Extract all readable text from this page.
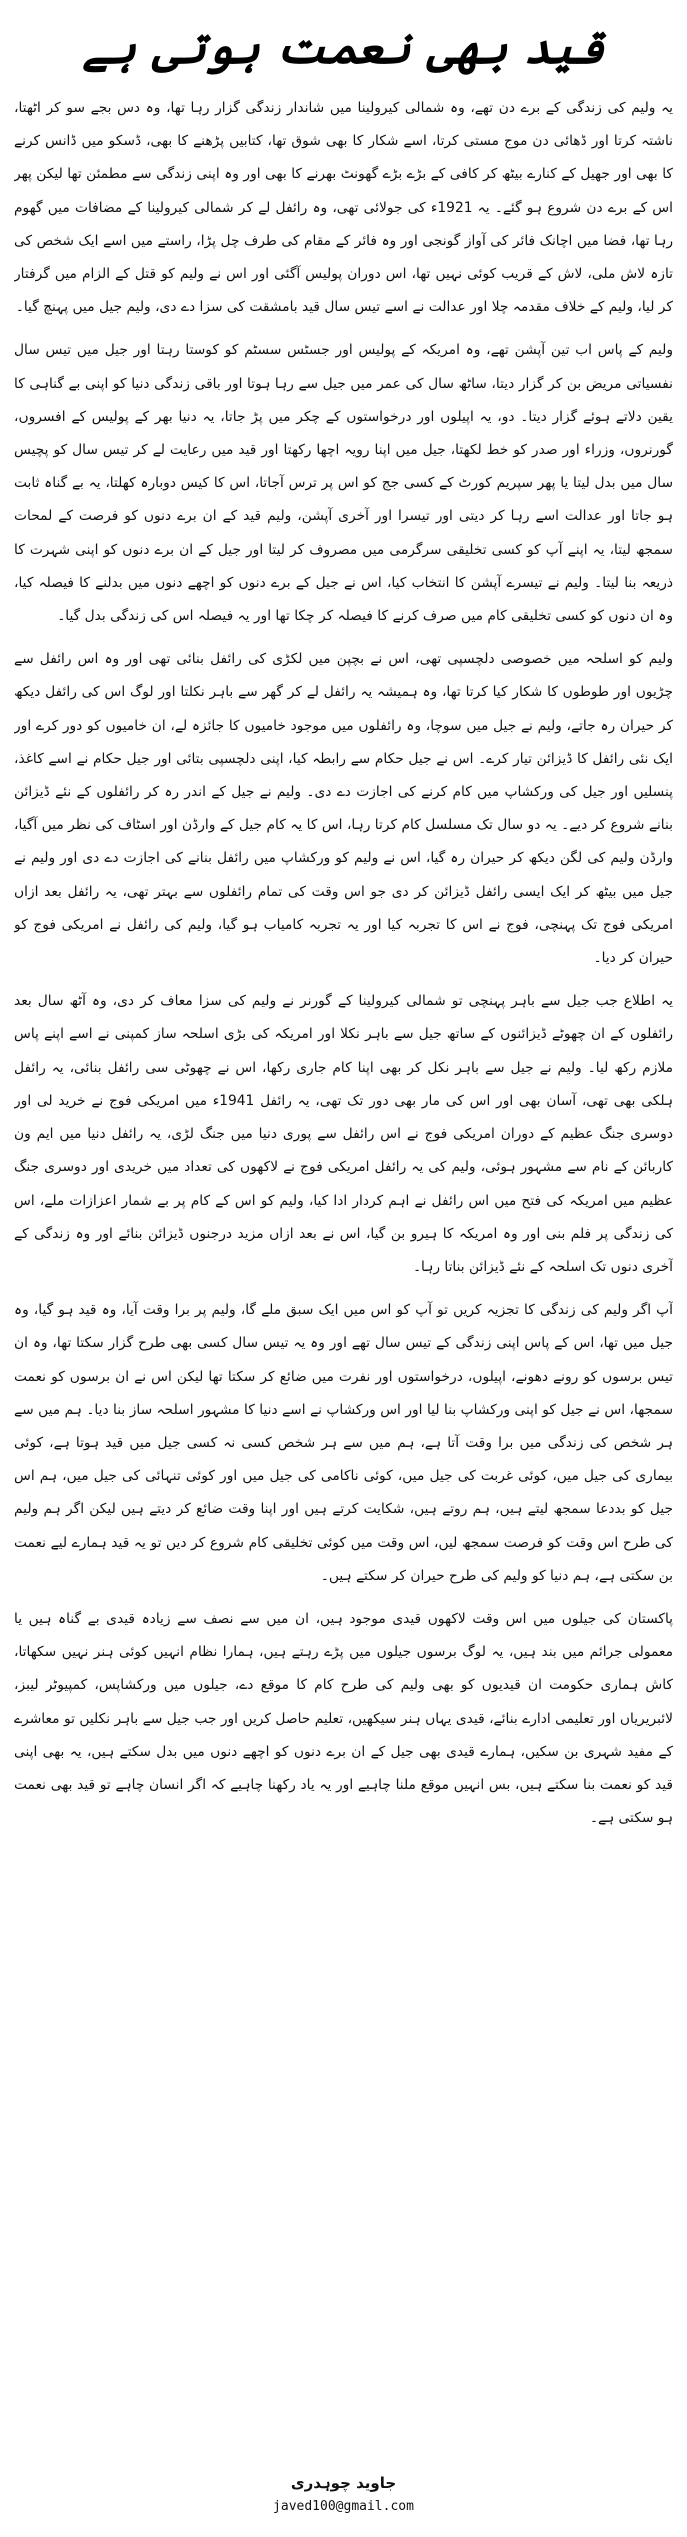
قید بھی نعمت ہوتی ہے

یہ ولیم کی زندگی کے برے دن تھے، وہ شمالی کیرولینا میں شاندار زندگی گزار رہا تھا، وہ دس بجے سو کر اٹھتا، ناشتہ کرتا اور ڈھائی دن موج مستی کرتا، اسے شکار کا بھی شوق تھا، کتابیں پڑھنے کا بھی، ڈسکو میں ڈانس کرنے کا بھی اور جھیل کے کنارے بیٹھ کر کافی کے بڑے بڑے گھونٹ بھرنے کا بھی اور وہ اپنی زندگی سے مطمئن تھا لیکن پھر اس کے برے دن شروع ہو گئے۔ یہ 1921ء کی جولائی تھی، وہ رائفل لے کر شمالی کیرولینا کے مضافات میں گھوم رہا تھا، فضا میں اچانک فائر کی آواز گونجی اور وہ فائر کے مقام کی طرف چل پڑا، راستے میں اسے ایک شخص کی تازہ لاش ملی، لاش کے قریب کوئی نہیں تھا، اس دوران پولیس آگئی اور اس نے ولیم کو قتل کے الزام میں گرفتار کر لیا، ولیم کے خلاف مقدمہ چلا اور عدالت نے اسے تیس سال قید بامشقت کی سزا دے دی، ولیم جیل میں پہنچ گیا۔

ولیم کے پاس اب تین آپشن تھے، وہ امریکہ کے پولیس اور جسٹس سسٹم کو کوستا رہتا اور جیل میں تیس سال نفسیاتی مریض بن کر گزار دیتا، ساٹھ سال کی عمر میں جیل سے رہا ہوتا اور باقی زندگی دنیا کو اپنی بے گناہی کا یقین دلاتے ہوئے گزار دیتا۔ دو، یہ اپیلوں اور درخواستوں کے چکر میں پڑ جاتا، یہ دنیا بھر کے پولیس کے افسروں، گورنروں، وزراء اور صدر کو خط لکھتا، جیل میں اپنا رویہ اچھا رکھتا اور قید میں رعایت لے کر تیس سال کو پچیس سال میں بدل لیتا یا پھر سپریم کورٹ کے کسی جج کو اس پر ترس آجاتا، اس کا کیس دوبارہ کھلتا، یہ بے گناہ ثابت ہو جاتا اور عدالت اسے رہا کر دیتی اور تیسرا اور آخری آپشن، ولیم قید کے ان برے دنوں کو فرصت کے لمحات سمجھ لیتا، یہ اپنے آپ کو کسی تخلیقی سرگرمی میں مصروف کر لیتا اور جیل کے ان برے دنوں کو اپنی شہرت کا ذریعہ بنا لیتا۔ ولیم نے تیسرے آپشن کا انتخاب کیا، اس نے جیل کے برے دنوں کو اچھے دنوں میں بدلنے کا فیصلہ کیا، وہ ان دنوں کو کسی تخلیقی کام میں صرف کرنے کا فیصلہ کر چکا تھا اور یہ فیصلہ اس کی زندگی بدل گیا۔

ولیم کو اسلحہ میں خصوصی دلچسپی تھی، اس نے بچپن میں لکڑی کی رائفل بنائی تھی اور وہ اس رائفل سے چڑیوں اور طوطوں کا شکار کیا کرتا تھا، وہ ہمیشہ یہ رائفل لے کر گھر سے باہر نکلتا اور لوگ اس کی رائفل دیکھ کر حیران رہ جاتے، ولیم نے جیل میں سوچا، وہ رائفلوں میں موجود خامیوں کا جائزہ لے، ان خامیوں کو دور کرے اور ایک نئی رائفل کا ڈیزائن تیار کرے۔ اس نے جیل حکام سے رابطہ کیا، اپنی دلچسپی بتائی اور جیل حکام نے اسے کاغذ، پنسلیں اور جیل کی ورکشاپ میں کام کرنے کی اجازت دے دی۔ ولیم نے جیل کے اندر رہ کر رائفلوں کے نئے ڈیزائن بنانے شروع کر دیے۔ یہ دو سال تک مسلسل کام کرتا رہا، اس کا یہ کام جیل کے وارڈن اور اسٹاف کی نظر میں آگیا، وارڈن ولیم کی لگن دیکھ کر حیران رہ گیا، اس نے ولیم کو ورکشاپ میں رائفل بنانے کی اجازت دے دی اور ولیم نے جیل میں بیٹھ کر ایک ایسی رائفل ڈیزائن کر دی جو اس وقت کی تمام رائفلوں سے بہتر تھی، یہ رائفل بعد ازاں امریکی فوج تک پہنچی، فوج نے اس کا تجربہ کیا اور یہ تجربہ کامیاب ہو گیا، ولیم کی رائفل نے امریکی فوج کو حیران کر دیا۔

یہ اطلاع جب جیل سے باہر پہنچی تو شمالی کیرولینا کے گورنر نے ولیم کی سزا معاف کر دی، وہ آٹھ سال بعد رائفلوں کے ان چھوٹے ڈیزائنوں کے ساتھ جیل سے باہر نکلا اور امریکہ کی بڑی اسلحہ ساز کمپنی نے اسے اپنے پاس ملازم رکھ لیا۔ ولیم نے جیل سے باہر نکل کر بھی اپنا کام جاری رکھا، اس نے چھوٹی سی رائفل بنائی، یہ رائفل ہلکی بھی تھی، آسان بھی اور اس کی مار بھی دور تک تھی، یہ رائفل 1941ء میں امریکی فوج نے خرید لی اور دوسری جنگ عظیم کے دوران امریکی فوج نے اس رائفل سے پوری دنیا میں جنگ لڑی، یہ رائفل دنیا میں ایم ون کاربائن کے نام سے مشہور ہوئی، ولیم کی یہ رائفل امریکی فوج نے لاکھوں کی تعداد میں خریدی اور دوسری جنگ عظیم میں امریکہ کی فتح میں اس رائفل نے اہم کردار ادا کیا، ولیم کو اس کے کام پر بے شمار اعزازات ملے، اس کی زندگی پر فلم بنی اور وہ امریکہ کا ہیرو بن گیا، اس نے بعد ازاں مزید درجنوں ڈیزائن بنائے اور وہ زندگی کے آخری دنوں تک اسلحہ کے نئے ڈیزائن بناتا رہا۔

آپ اگر ولیم کی زندگی کا تجزیہ کریں تو آپ کو اس میں ایک سبق ملے گا، ولیم پر برا وقت آیا، وہ قید ہو گیا، وہ جیل میں تھا، اس کے پاس اپنی زندگی کے تیس سال تھے اور وہ یہ تیس سال کسی بھی طرح گزار سکتا تھا، وہ ان تیس برسوں کو رونے دھونے، اپیلوں، درخواستوں اور نفرت میں ضائع کر سکتا تھا لیکن اس نے ان برسوں کو نعمت سمجھا، اس نے جیل کو اپنی ورکشاپ بنا لیا اور اس ورکشاپ نے اسے دنیا کا مشہور اسلحہ ساز بنا دیا۔ ہم میں سے ہر شخص کی زندگی میں برا وقت آتا ہے، ہم میں سے ہر شخص کسی نہ کسی جیل میں قید ہوتا ہے، کوئی بیماری کی جیل میں، کوئی غربت کی جیل میں، کوئی ناکامی کی جیل میں اور کوئی تنہائی کی جیل میں، ہم اس جیل کو بددعا سمجھ لیتے ہیں، ہم روتے ہیں، شکایت کرتے ہیں اور اپنا وقت ضائع کر دیتے ہیں لیکن اگر ہم ولیم کی طرح اس وقت کو فرصت سمجھ لیں، اس وقت میں کوئی تخلیقی کام شروع کر دیں تو یہ قید ہمارے لیے نعمت بن سکتی ہے، ہم دنیا کو ولیم کی طرح حیران کر سکتے ہیں۔

پاکستان کی جیلوں میں اس وقت لاکھوں قیدی موجود ہیں، ان میں سے نصف سے زیادہ قیدی بے گناہ ہیں یا معمولی جرائم میں بند ہیں، یہ لوگ برسوں جیلوں میں پڑے رہتے ہیں، ہمارا نظام انہیں کوئی ہنر نہیں سکھاتا، کاش ہماری حکومت ان قیدیوں کو بھی ولیم کی طرح کام کا موقع دے، جیلوں میں ورکشاپس، کمپیوٹر لیبز، لائبریریاں اور تعلیمی ادارے بنائے، قیدی یہاں ہنر سیکھیں، تعلیم حاصل کریں اور جب جیل سے باہر نکلیں تو معاشرے کے مفید شہری بن سکیں، ہمارے قیدی بھی جیل کے ان برے دنوں کو اچھے دنوں میں بدل سکتے ہیں، یہ بھی اپنی قید کو نعمت بنا سکتے ہیں، بس انہیں موقع ملنا چاہیے اور یہ یاد رکھنا چاہیے کہ اگر انسان چاہے تو قید بھی نعمت ہو سکتی ہے۔

جاوید چوہدری
javed100@gmail.com
